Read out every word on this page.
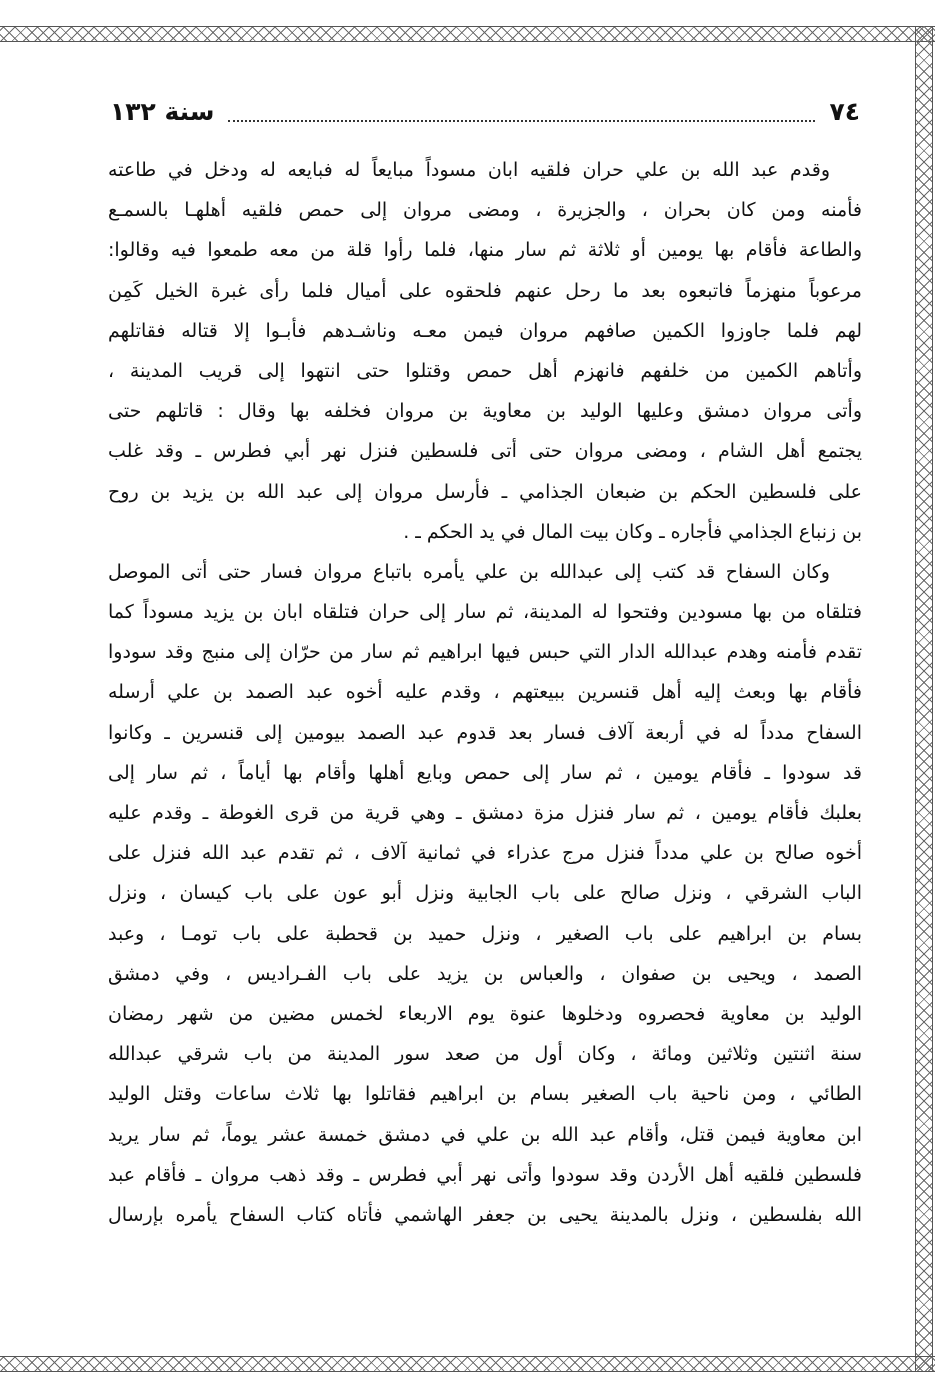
٧٤
سنة ١٣٢
وقدم عبد الله بن علي حران فلقيه ابان مسوداً مبايعاً له فبايعه له ودخل في طاعته
فأمنه ومن كان بحران ، والجزيرة ، ومضى مروان إلى حمص فلقيه أهلهـا بالسمـع
والطاعة فأقام بها يومين أو ثلاثة ثم سار منها، فلما رأوا قلة من معه طمعوا فيه وقالوا:
مرعوباً منهزماً فاتبعوه بعد ما رحل عنهم فلحقوه على أميال فلما رأى غبرة الخيل كَمِن
لهم فلما جاوزوا الكمين صافهم مروان فيمن معـه وناشـدهم فأبـوا إلا قتاله فقاتلهم
وأتاهم الكمين من خلفهم فانهزم أهل حمص وقتلوا حتى انتهوا إلى قريب المدينة ،
وأتى مروان دمشق وعليها الوليد بن معاوية بن مروان فخلفه بها وقال : قاتلهم حتى
يجتمع أهل الشام ، ومضى مروان حتى أتى فلسطين فنزل نهر أبي فطرس ـ وقد غلب
على فلسطين الحكم بن ضبعان الجذامي ـ فأرسل مروان إلى عبد الله بن يزيد بن روح
بن زنباع الجذامي فأجاره ـ وكان بيت المال في يد الحكم ـ .
وكان السفاح قد كتب إلى عبدالله بن علي يأمره باتباع مروان فسار حتى أتى الموصل
فتلقاه من بها مسودين وفتحوا له المدينة، ثم سار إلى حران فتلقاه ابان بن يزيد مسوداً كما
تقدم فأمنه وهدم عبدالله الدار التي حبس فيها ابراهيم ثم سار من حرّان إلى منبج وقد سودوا
فأقام بها وبعث إليه أهل قنسرين ببيعتهم ، وقدم عليه أخوه عبد الصمد بن علي أرسله
السفاح مدداً له في أربعة آلاف فسار بعد قدوم عبد الصمد بيومين إلى قنسرين ـ وكانوا
قد سودوا ـ فأقام يومين ، ثم سار إلى حمص وبايع أهلها وأقام بها أياماً ، ثم سار إلى
بعلبك فأقام يومين ، ثم سار فنزل مزة دمشق ـ وهي قرية من قرى الغوطة ـ وقدم عليه
أخوه صالح بن علي مدداً فنزل مرج عذراء في ثمانية آلاف ، ثم تقدم عبد الله فنزل على
الباب الشرقي ، ونزل صالح على باب الجابية ونزل أبو عون على باب كيسان ، ونزل
بسام بن ابراهيم على باب الصغير ، ونزل حميد بن قحطبة على باب تومـا ، وعبد
الصمد ، ويحيى بن صفوان ، والعباس بن يزيد على باب الفـراديس ، وفي دمشق
الوليد بن معاوية فحصروه ودخلوها عنوة يوم الاربعاء لخمس مضين من شهر رمضان
سنة اثنتين وثلاثين ومائة ، وكان أول من صعد سور المدينة من باب شرقي عبدالله
الطائي ، ومن ناحية باب الصغير بسام بن ابراهيم فقاتلوا بها ثلاث ساعات وقتل الوليد
ابن معاوية فيمن قتل، وأقام عبد الله بن علي في دمشق خمسة عشر يوماً، ثم سار يريد
فلسطين فلقيه أهل الأردن وقد سودوا وأتى نهر أبي فطرس ـ وقد ذهب مروان ـ فأقام عبد
الله بفلسطين ، ونزل بالمدينة يحيى بن جعفر الهاشمي فأتاه كتاب السفاح يأمره بإرسال
